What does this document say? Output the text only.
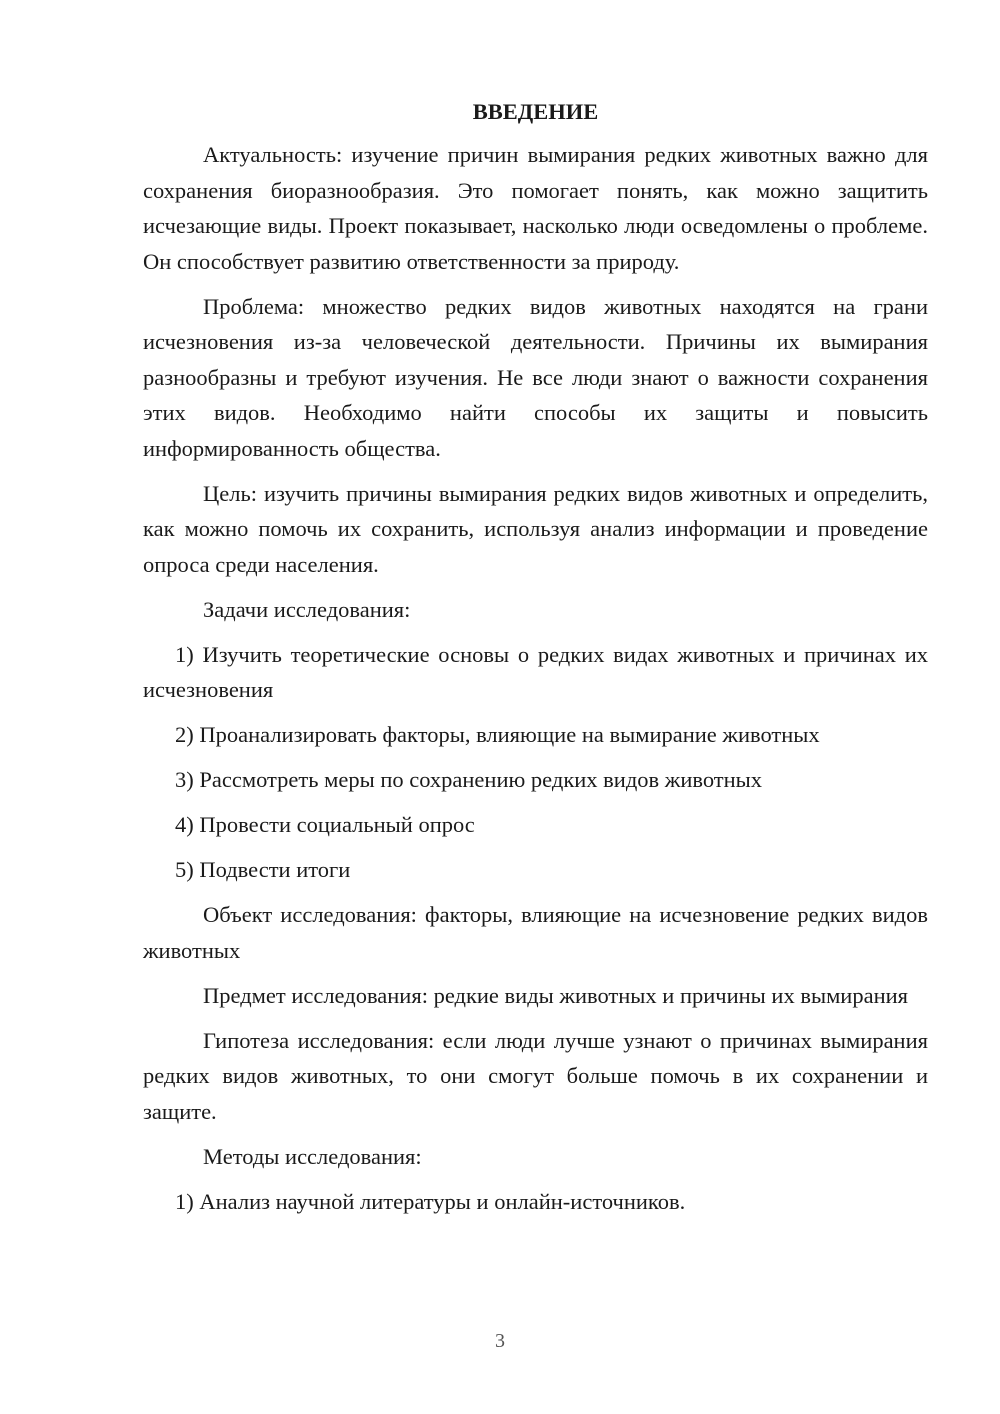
ВВЕДЕНИЕ
Актуальность: изучение причин вымирания редких животных важно для сохранения биоразнообразия. Это помогает понять, как можно защитить исчезающие виды. Проект показывает, насколько люди осведомлены о проблеме. Он способствует развитию ответственности за природу.
Проблема: множество редких видов животных находятся на грани исчезновения из-за человеческой деятельности. Причины их вымирания разнообразны и требуют изучения. Не все люди знают о важности сохранения этих видов. Необходимо найти способы их защиты и повысить информированность общества.
Цель: изучить причины вымирания редких видов животных и определить, как можно помочь их сохранить, используя анализ информации и проведение опроса среди населения.
Задачи исследования:
1) Изучить теоретические основы о редких видах животных и причинах их исчезновения
2) Проанализировать факторы, влияющие на вымирание животных
3) Рассмотреть меры по сохранению редких видов животных
4) Провести социальный опрос
5) Подвести итоги
Объект исследования: факторы, влияющие на исчезновение редких видов животных
Предмет исследования: редкие виды животных и причины их вымирания
Гипотеза исследования: если люди лучше узнают о причинах вымирания редких видов животных, то они смогут больше помочь в их сохранении и защите.
Методы исследования:
1) Анализ научной литературы и онлайн-источников.
3
